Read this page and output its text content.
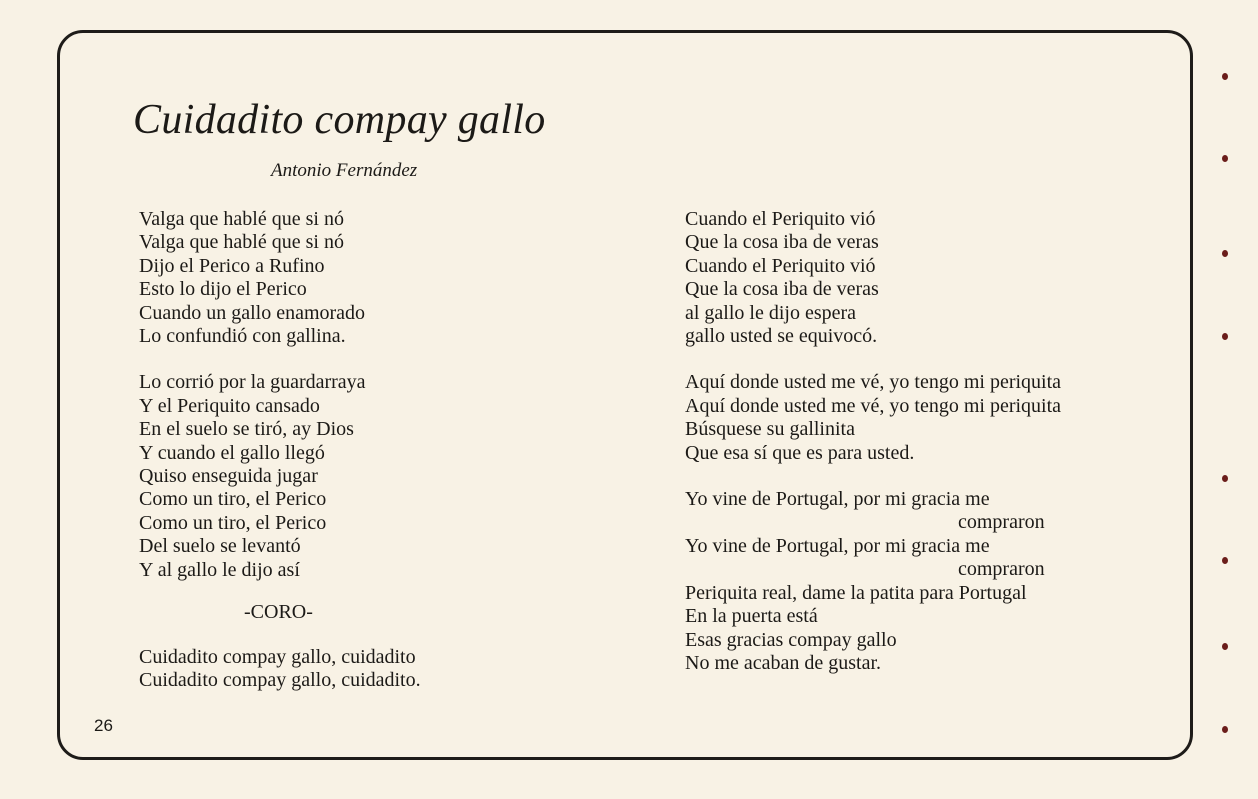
Cuidadito compay gallo
Antonio Fernández
Valga que hablé que si nó
Valga que hablé que si nó
Dijo el Perico a Rufino
Esto lo dijo el Perico
Cuando un gallo enamorado
Lo confundió con gallina.
Lo corrió por la guardarraya
Y el Periquito cansado
En el suelo se tiró, ay Dios
Y cuando el gallo llegó
Quiso enseguida jugar
Como un tiro, el Perico
Como un tiro, el Perico
Del suelo se levantó
Y al gallo le dijo así
-CORO-
Cuidadito compay gallo, cuidadito
Cuidadito compay gallo, cuidadito.
Cuando el Periquito vió
Que la cosa iba de veras
Cuando el Periquito vió
Que la cosa iba de veras
al gallo le dijo espera
gallo usted se equivocó.
Aquí donde usted me vé, yo tengo mi periquita
Aquí donde usted me vé, yo tengo mi periquita
Búsquese su gallinita
Que esa sí que es para usted.
Yo vine de Portugal, por mi gracia me
compraron
Yo vine de Portugal, por mi gracia me
compraron
Periquita real, dame la patita para Portugal
En la puerta está
Esas gracias compay gallo
No me acaban de gustar.
26
